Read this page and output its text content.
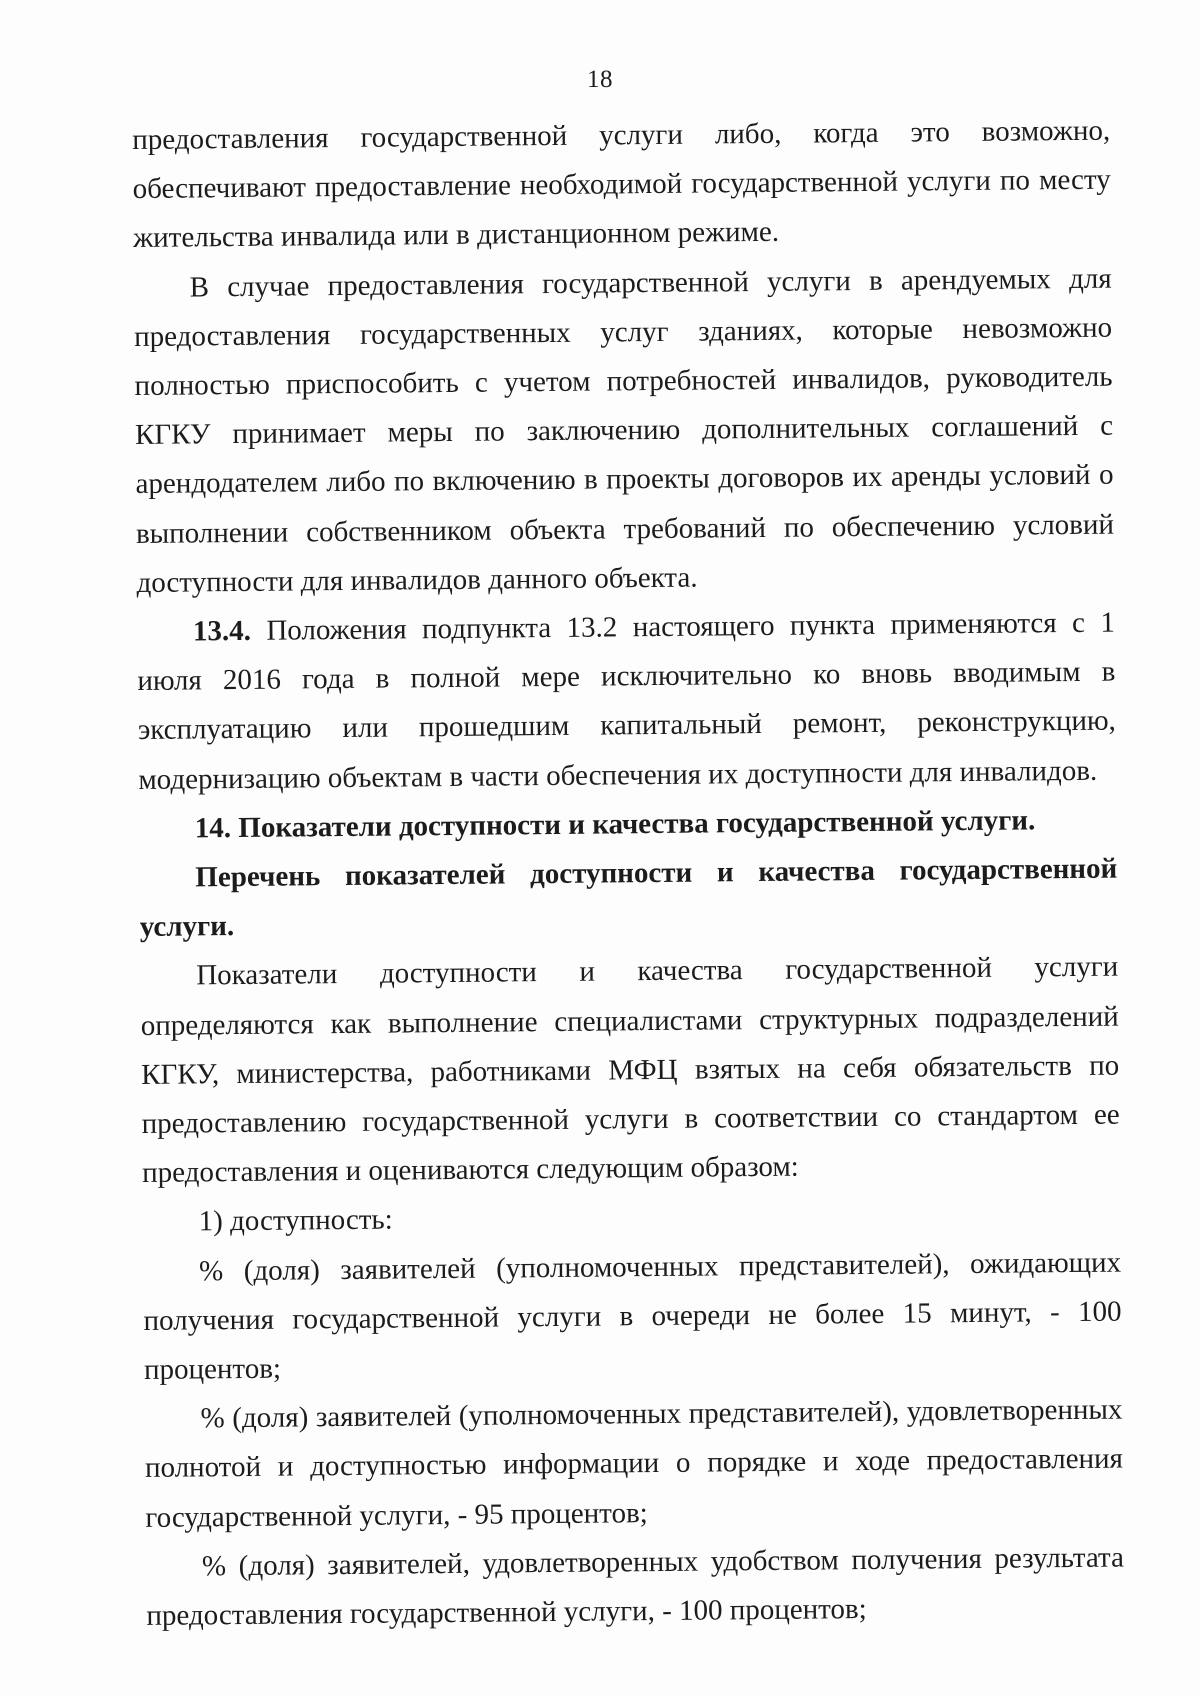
18

предоставления государственной услуги либо, когда это возможно, обеспечивают предоставление необходимой государственной услуги по месту жительства инвалида или в дистанционном режиме.

В случае предоставления государственной услуги в арендуемых для предоставления государственных услуг зданиях, которые невозможно полностью приспособить с учетом потребностей инвалидов, руководитель КГКУ принимает меры по заключению дополнительных соглашений с арендодателем либо по включению в проекты договоров их аренды условий о выполнении собственником объекта требований по обеспечению условий доступности для инвалидов данного объекта.

13.4. Положения подпункта 13.2 настоящего пункта применяются с 1 июля 2016 года в полной мере исключительно ко вновь вводимым в эксплуатацию или прошедшим капитальный ремонт, реконструкцию, модернизацию объектам в части обеспечения их доступности для инвалидов.

14. Показатели доступности и качества государственной услуги.

Перечень показателей доступности и качества государственной услуги.

Показатели доступности и качества государственной услуги определяются как выполнение специалистами структурных подразделений КГКУ, министерства, работниками МФЦ взятых на себя обязательств по предоставлению государственной услуги в соответствии со стандартом ее предоставления и оцениваются следующим образом:

1) доступность:

% (доля) заявителей (уполномоченных представителей), ожидающих получения государственной услуги в очереди не более 15 минут, - 100 процентов;

% (доля) заявителей (уполномоченных представителей), удовлетворенных полнотой и доступностью информации о порядке и ходе предоставления государственной услуги, - 95 процентов;

% (доля) заявителей, удовлетворенных удобством получения результата предоставления государственной услуги, - 100 процентов;
